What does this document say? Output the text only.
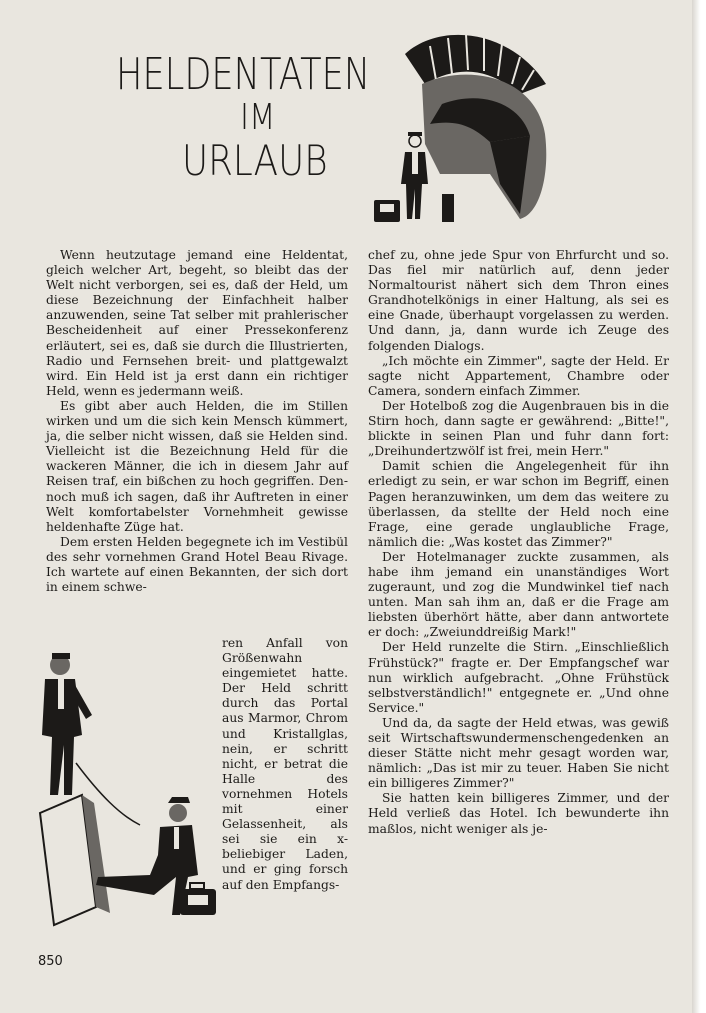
HELDENTATEN
IM
URLAUB

Wenn heutzutage jemand eine Heldentat, gleich welcher Art, begeht, so bleibt das der Welt nicht verborgen, sei es, daß der Held, um diese Bezeichnung der Einfachheit halber anzuwenden, seine Tat selber mit prahlerischer Bescheidenheit auf einer Pressekonferenz erläutert, sei es, daß sie durch die Illustrierten, Radio und Fernsehen breit- und plattgewalzt wird. Ein Held ist ja erst dann ein richtiger Held, wenn es jedermann weiß.

Es gibt aber auch Helden, die im Stillen wirken und um die sich kein Mensch kümmert, ja, die selber nicht wissen, daß sie Helden sind. Vielleicht ist die Bezeichnung Held für die wackeren Männer, die ich in diesem Jahr auf Reisen traf, ein bißchen zu hoch gegriffen. Dennoch muß ich sagen, daß ihr Auftreten in einer Welt komfortabelster Vornehmheit gewisse heldenhafte Züge hat.

Dem ersten Helden begegnete ich im Vestibül des sehr vornehmen Grand Hotel Beau Rivage. Ich wartete auf einen Bekannten, der sich dort in einem schwe-

ren Anfall von Größenwahn eingemietet hatte. Der Held schritt durch das Portal aus Marmor, Chrom und Kristallglas, nein, er schritt nicht, er betrat die Halle des vornehmen Hotels mit einer Gelassenheit, als sei sie ein x-beliebiger Laden, und er ging forsch auf den Empfangs-

chef zu, ohne jede Spur von Ehrfurcht und so. Das fiel mir natürlich auf, denn jeder Normaltourist nähert sich dem Thron eines Grandhotelkönigs in einer Haltung, als sei es eine Gnade, überhaupt vorgelassen zu werden. Und dann, ja, dann wurde ich Zeuge des folgenden Dialogs.

„Ich möchte ein Zimmer", sagte der Held. Er sagte nicht Appartement, Chambre oder Camera, sondern einfach Zimmer.

Der Hotelboß zog die Augenbrauen bis in die Stirn hoch, dann sagte er gewährend: „Bitte!", blickte in seinen Plan und fuhr dann fort: „Dreihundertzwölf ist frei, mein Herr."

Damit schien die Angelegenheit für ihn erledigt zu sein, er war schon im Begriff, einen Pagen heranzuwinken, um dem das weitere zu überlassen, da stellte der Held noch eine Frage, eine gerade unglaubliche Frage, nämlich die: „Was kostet das Zimmer?"

Der Hotelmanager zuckte zusammen, als habe ihm jemand ein unanständiges Wort zugeraunt, und zog die Mundwinkel tief nach unten. Man sah ihm an, daß er die Frage am liebsten überhört hätte, aber dann antwortete er doch: „Zweiunddreißig Mark!"

Der Held runzelte die Stirn. „Einschließlich Frühstück?" fragte er. Der Empfangschef war nun wirklich aufgebracht. „Ohne Frühstück selbstverständlich!" entgegnete er. „Und ohne Service."

Und da, da sagte der Held etwas, was gewiß seit Wirtschaftswundermenschengedenken an dieser Stätte nicht mehr gesagt worden war, nämlich: „Das ist mir zu teuer. Haben Sie nicht ein billigeres Zimmer?"

Sie hatten kein billigeres Zimmer, und der Held verließ das Hotel. Ich bewunderte ihn maßlos, nicht weniger als je-

850
